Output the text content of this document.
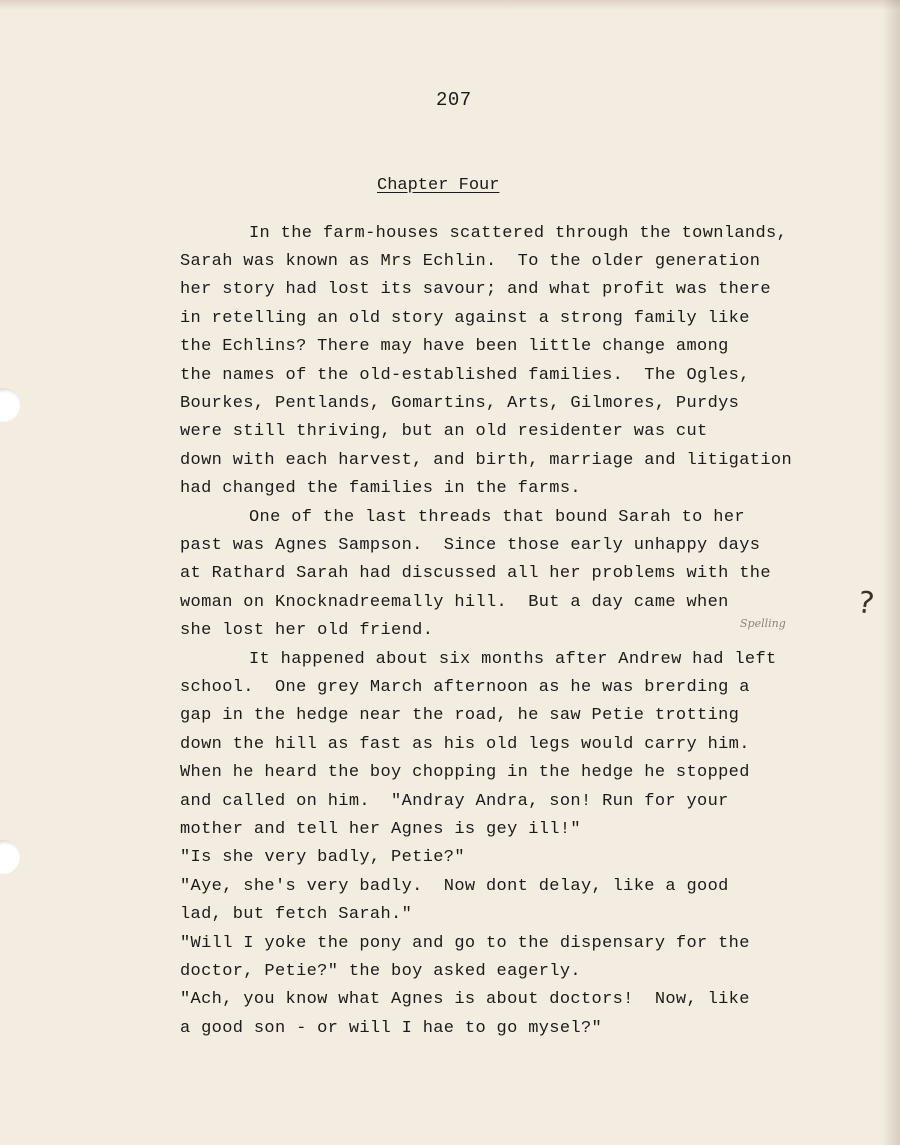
207
Chapter Four
In the farm-houses scattered through the townlands,
Sarah was known as Mrs Echlin.  To the older generation
her story had lost its savour; and what profit was there
in retelling an old story against a strong family like
the Echlins? There may have been little change among
the names of the old-established families.  The Ogles,
Bourkes, Pentlands, Gomartins, Arts, Gilmores, Purdys
were still thriving, but an old residenter was cut
down with each harvest, and birth, marriage and litigation
had changed the families in the farms.
One of the last threads that bound Sarah to her
past was Agnes Sampson.  Since those early unhappy days
at Rathard Sarah had discussed all her problems with the
woman on Knocknadreemally hill.  But a day came when
she lost her old friend.
It happened about six months after Andrew had left
school.  One grey March afternoon as he was brerding a
gap in the hedge near the road, he saw Petie trotting
down the hill as fast as his old legs would carry him.
When he heard the boy chopping in the hedge he stopped
and called on him.  "Andray Andra, son! Run for your
mother and tell her Agnes is gey ill!"
"Is she very badly, Petie?"
"Aye, she's very badly.  Now dont delay, like a good
lad, but fetch Sarah."
"Will I yoke the pony and go to the dispensary for the
doctor, Petie?" the boy asked eagerly.
"Ach, you know what Agnes is about doctors!  Now, like
a good son - or will I hae to go mysel?"
?
Spelling
